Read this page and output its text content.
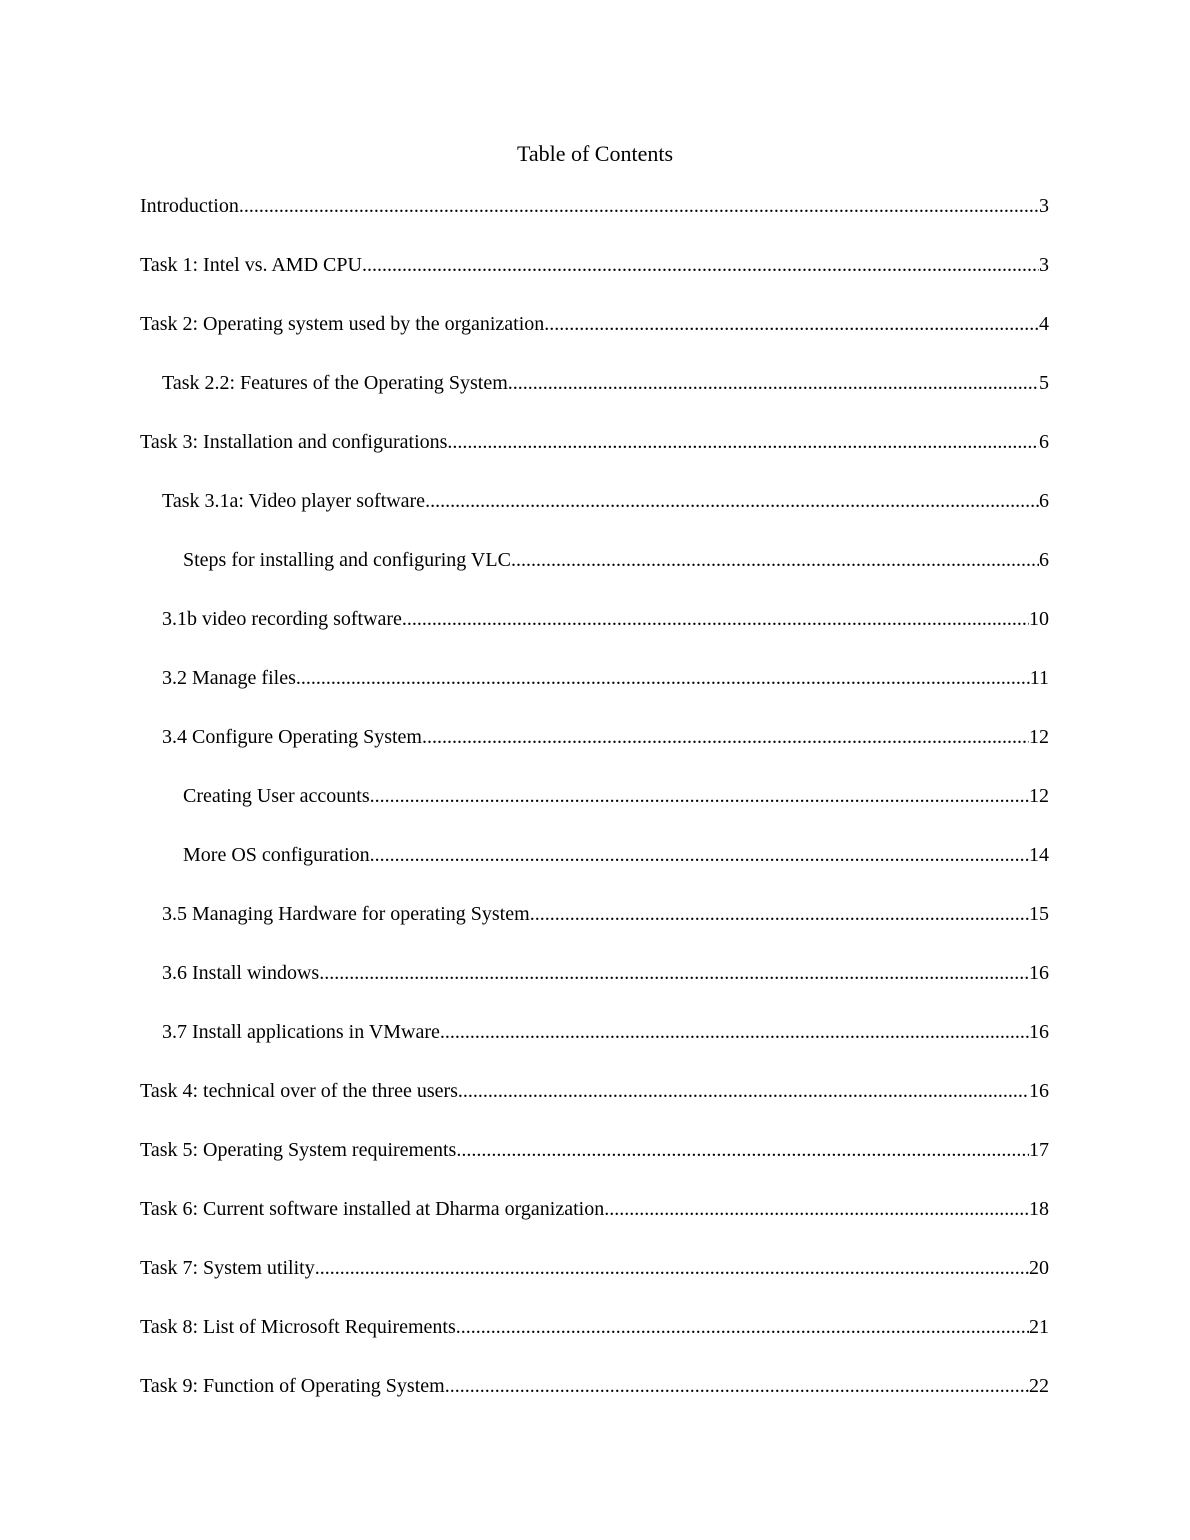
Table of Contents
Introduction .....	3
Task 1: Intel vs. AMD CPU .....	3
Task 2: Operating system used by the organization .....	4
Task 2.2: Features of the Operating System .....	5
Task 3: Installation and configurations .....	6
Task 3.1a: Video player software .....	6
Steps for installing and configuring VLC .....	6
3.1b video recording software .....	10
3.2 Manage files .....	11
3.4 Configure Operating System .....	12
Creating User accounts .....	12
More OS configuration .....	14
3.5 Managing Hardware for operating System .....	15
3.6 Install windows .....	16
3.7 Install applications in VMware .....	16
Task 4: technical over of the three users .....	16
Task 5: Operating System requirements .....	17
Task 6: Current software installed at Dharma organization .....	18
Task 7: System utility .....	20
Task 8: List of Microsoft Requirements .....	21
Task 9: Function of Operating System .....	22
